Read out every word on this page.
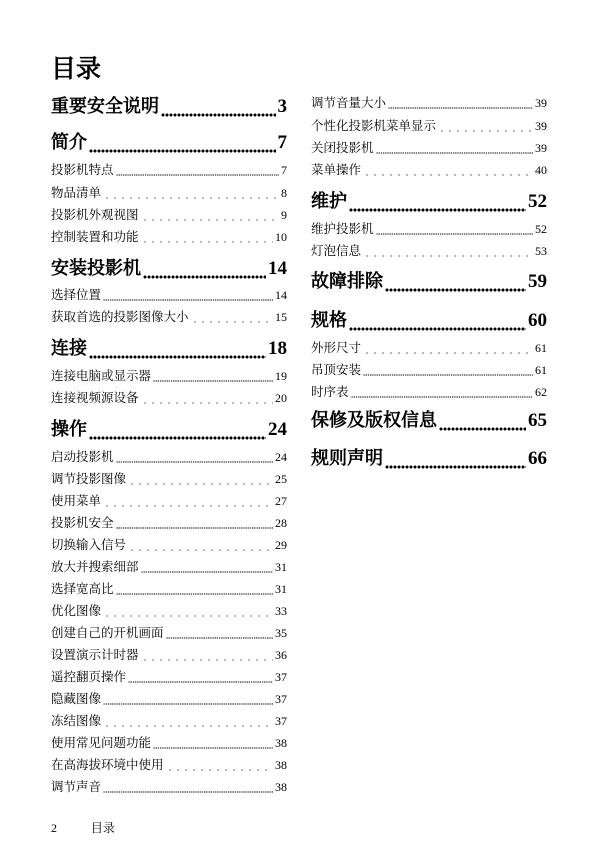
目录
重要安全说明	3
简介	7
投影机特点	7
物品清单	8
投影机外观视图	9
控制装置和功能	10
安装投影机	14
选择位置	14
获取首选的投影图像大小	15
连接	18
连接电脑或显示器	19
连接视频源设备	20
操作	24
启动投影机	24
调节投影图像	25
使用菜单	27
投影机安全	28
切换输入信号	29
放大并搜索细部	31
选择宽高比	31
优化图像	33
创建自己的开机画面	35
设置演示计时器	36
遥控翻页操作	37
隐藏图像	37
冻结图像	37
使用常见问题功能	38
在高海拔环境中使用	38
调节声音	38
调节音量大小	39
个性化投影机菜单显示	39
关闭投影机	39
菜单操作	40
维护	52
维护投影机	52
灯泡信息	53
故障排除	59
规格	60
外形尺寸	61
吊顶安装	61
时序表	62
保修及版权信息	65
规则声明	66
2	目录
